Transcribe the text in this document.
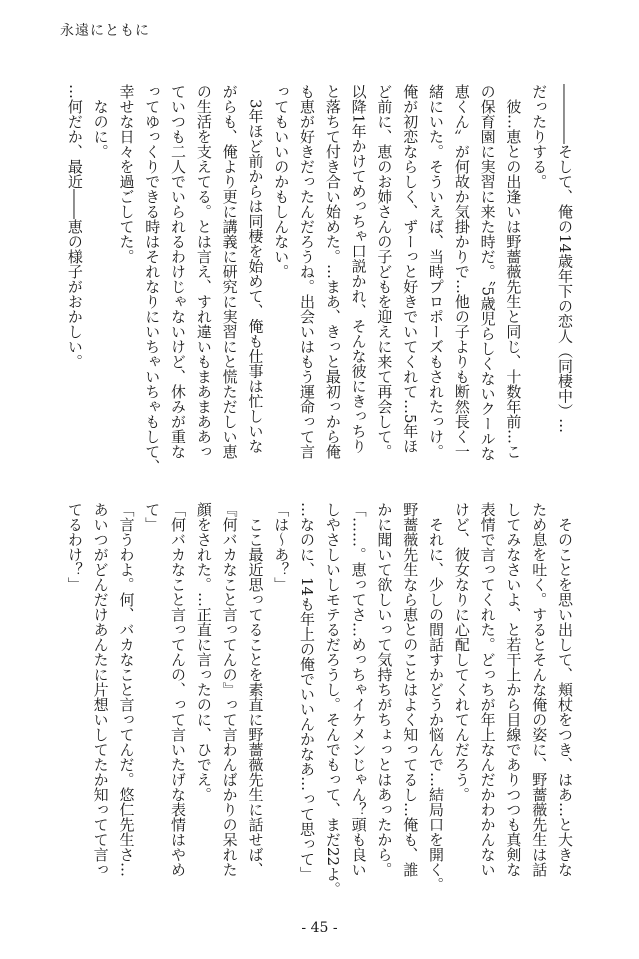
永遠にともに
――――そして、俺の14歳年下の恋人（同棲中）…
だったりする。
　彼…恵との出逢いは野薔薇先生と同じ、十数年前…こ
の保育園に実習に来た時だ。〝5歳児らしくないクールな
恵くん〟が何故か気掛かりで…他の子よりも断然長く一
緒にいた。そういえば、当時プロポーズもされたっけ。
俺が初恋ならしく、ずーっと好きでいてくれて…5年ほ
ど前に、恵のお姉さんの子どもを迎えに来て再会して。
以降1年かけてめっちゃ口説かれ、そんな彼にきっちり
と落ちて付き合い始めた。…まあ、きっと最初っから俺
も恵が好きだったんだろうね。出会いはもう運命って言
ってもいいのかもしんない。
　3年ほど前からは同棲を始めて、俺も仕事は忙しいな
がらも、俺より更に講義に研究に実習にと慌ただしい恵
の生活を支えてる。とは言え、すれ違いもまあまああっ
ていつも二人でいられるわけじゃないけど、休みが重な
ってゆっくりできる時はそれなりにいちゃいちゃもして、
幸せな日々を過ごしてた。
　なのに。
…何だか、最近――恵の様子がおかしい。
　そのことを思い出して、頬杖をつき、はあ…と大きな
ため息を吐く。するとそんな俺の姿に、野薔薇先生は話
してみなさいよ、と若干上から目線でありつつも真剣な
表情で言ってくれた。どっちが年上なんだかわかんない
けど、彼女なりに心配してくれてんだろう。
　それに、少しの間話すかどうか悩んで…結局口を開く。
野薔薇先生なら恵とのことはよく知ってるし…俺も、誰
かに聞いて欲しいって気持ちがちょっとはあったから。
「……。恵ってさ…めっちゃイケメンじゃん？頭も良い
しやさしいしモテるだろうし。そんでもって、まだ22よ。
…なのに、14も年上の俺でいいんかなあ…って思って」
「は～あ？」
　ここ最近思ってることを素直に野薔薇先生に話せば、
『何バカなこと言ってんの』って言わんばかりの呆れた
顔をされた。…正直に言ったのに、ひでえ。
「何バカなこと言ってんの、って言いたげな表情はやめ
て」
「言うわよ。何、バカなこと言ってんだ。悠仁先生さ…
あいつがどんだけあんたに片想いしてたか知ってて言っ
てるわけ？」
- 45 -
